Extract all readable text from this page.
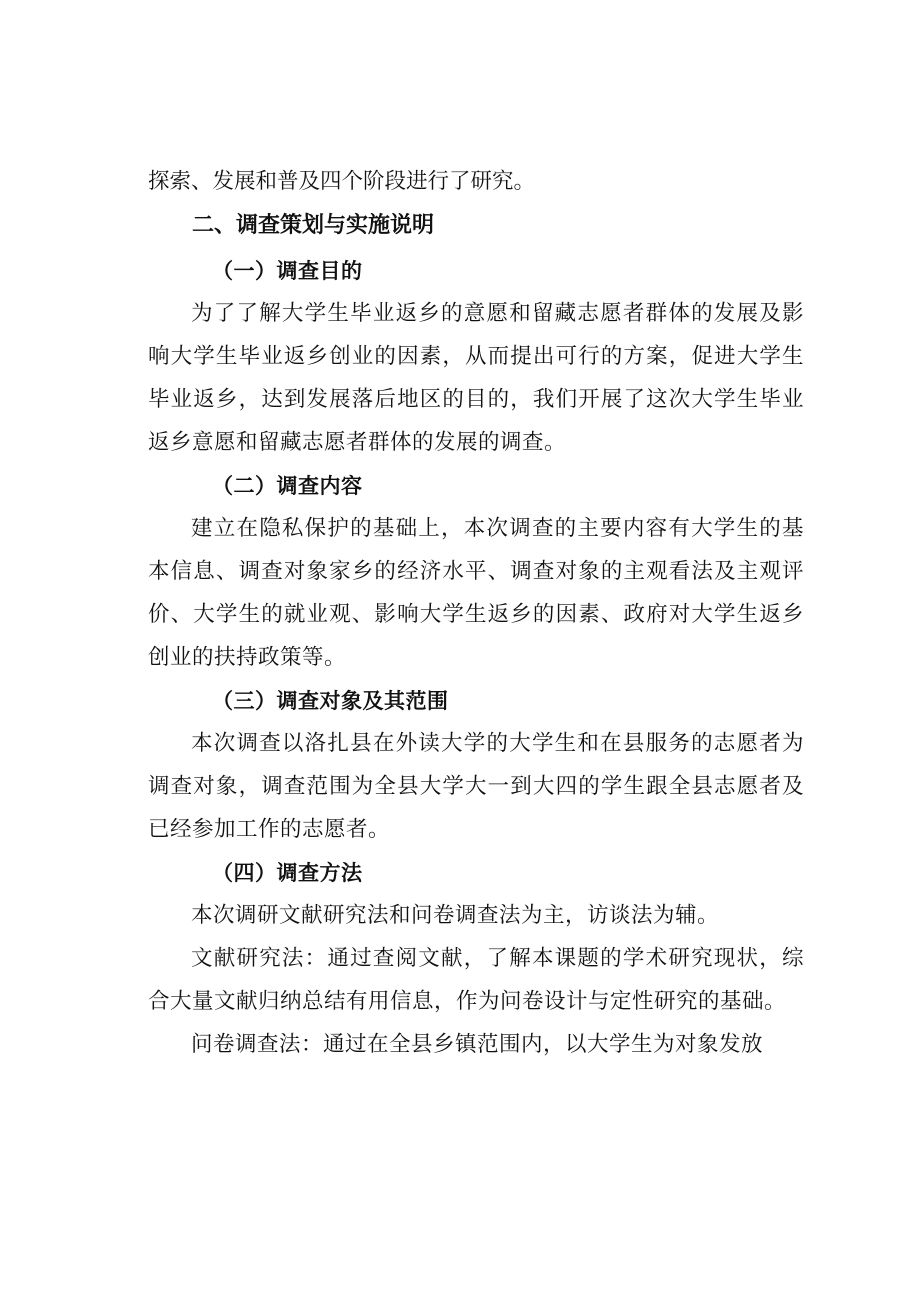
探索、发展和普及四个阶段进行了研究。

二、调查策划与实施说明
（一）调查目的

为了了解大学生毕业返乡的意愿和留藏志愿者群体的发展及影响大学生毕业返乡创业的因素，从而提出可行的方案，促进大学生毕业返乡，达到发展落后地区的目的，我们开展了这次大学生毕业返乡意愿和留藏志愿者群体的发展的调查。

（二）调查内容

建立在隐私保护的基础上，本次调查的主要内容有大学生的基本信息、调查对象家乡的经济水平、调查对象的主观看法及主观评价、大学生的就业观、影响大学生返乡的因素、政府对大学生返乡创业的扶持政策等。

（三）调查对象及其范围

本次调查以洛扎县在外读大学的大学生和在县服务的志愿者为调查对象，调查范围为全县大学大一到大四的学生跟全县志愿者及已经参加工作的志愿者。

（四）调查方法

本次调研文献研究法和问卷调查法为主，访谈法为辅。

文献研究法：通过查阅文献，了解本课题的学术研究现状，综合大量文献归纳总结有用信息，作为问卷设计与定性研究的基础。

问卷调查法：通过在全县乡镇范围内，以大学生为对象发放
